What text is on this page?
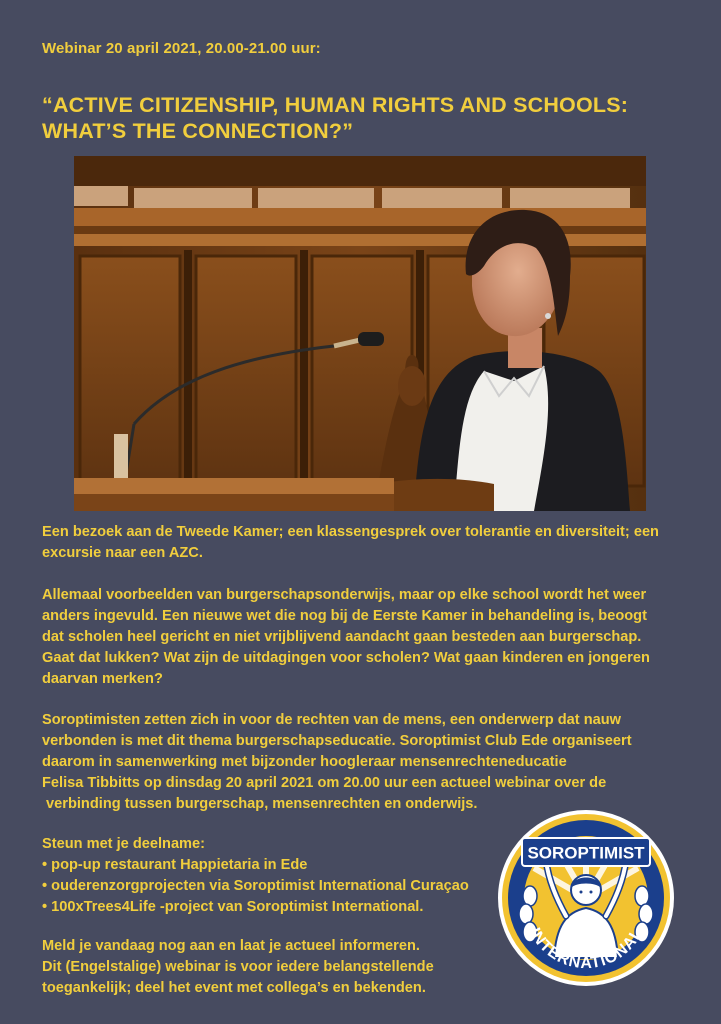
Webinar 20 april 2021, 20.00-21.00 uur:

“ACTIVE CITIZENSHIP, HUMAN RIGHTS AND SCHOOLS:
WHAT’S THE CONNECTION?”

Een bezoek aan de Tweede Kamer; een klassengesprek over tolerantie en diversiteit; een
excursie naar een AZC.

Allemaal voorbeelden van burgerschapsonderwijs, maar op elke school wordt het weer
anders ingevuld. Een nieuwe wet die nog bij de Eerste Kamer in behandeling is, beoogt
dat scholen heel gericht en niet vrijblijvend aandacht gaan besteden aan burgerschap.
Gaat dat lukken? Wat zijn de uitdagingen voor scholen? Wat gaan kinderen en jongeren
daarvan merken?

Soroptimisten zetten zich in voor de rechten van de mens, een onderwerp dat nauw
verbonden is met dit thema burgerschapseducatie. Soroptimist Club Ede organiseert
daarom in samenwerking met bijzonder hoogleraar mensenrechteneducatie
Felisa Tibbitts op dinsdag 20 april 2021 om 20.00 uur een actueel webinar over de
verbinding tussen burgerschap, mensenrechten en onderwijs.

Steun met je deelname:
• pop-up restaurant Happietaria in Ede
• ouderenzorgprojecten via Soroptimist International Curaçao
• 100xTrees4Life -project van Soroptimist International.

Meld je vandaag nog aan en laat je actueel informeren.
Dit (Engelstalige) webinar is voor iedere belangstellende
toegankelijk; deel het event met collega’s en bekenden.

SOROPTIMIST
INTERNATIONAL
